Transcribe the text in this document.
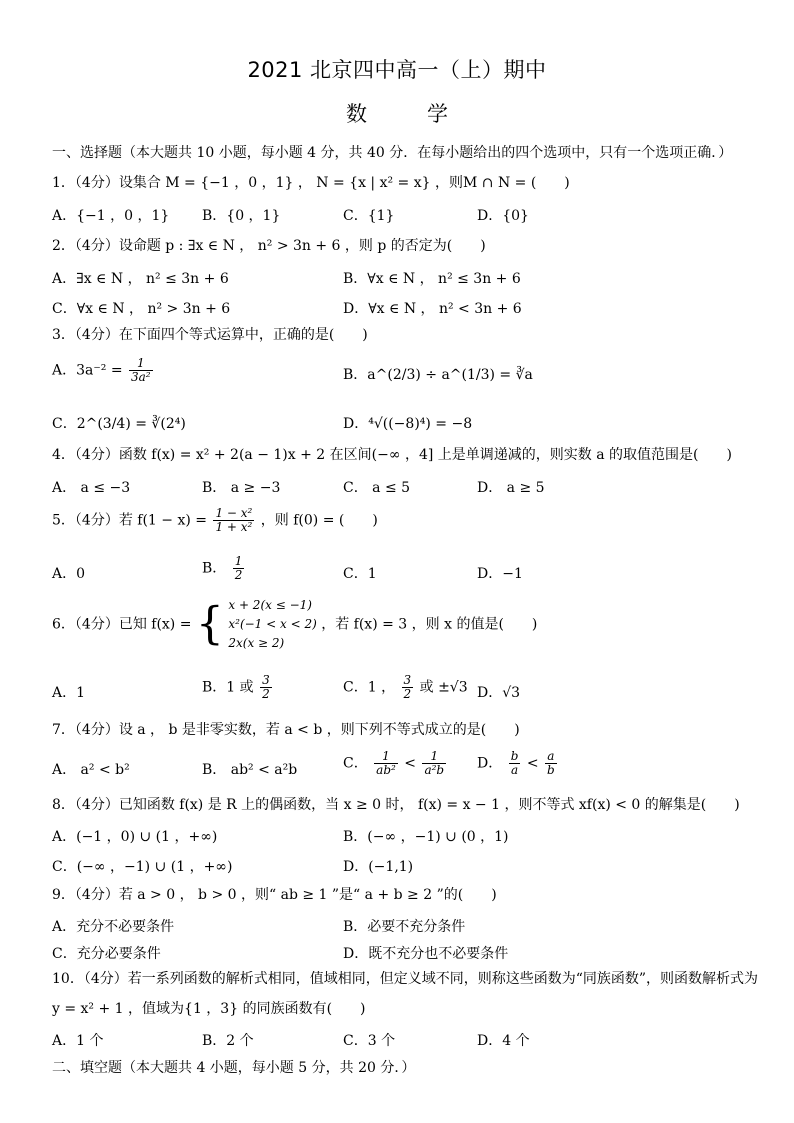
2021 北京四中高一（上）期中
数学
一、选择题（本大题共 10 小题，每小题 4 分，共 40 分．在每小题给出的四个选项中，只有一个选项正确．）
1．（4分）设集合 M = {−1 ，0 ，1} ， N = {x | x² = x} ，则M ∩ N = (　　)
A．{−1 ，0 ，1} B．{0 ，1}	C．{1}	D．{0}
2．（4分）设命题 p : ∃x ∈ N ， n² > 3n + 6 ，则 p 的否定为(　　)
A．∃x ∈ N ， n² ≤ 3n + 6	B．∀x ∈ N ， n² ≤ 3n + 6
C．∀x ∈ N ， n² > 3n + 6	D．∀x ∈ N ， n² < 3n + 6
3．（4分）在下面四个等式运算中，正确的是(　　)
A．$3a^{-2} = \frac{1}{\text{3a²}}$	B．a^(2/3) ÷ a^(1/3) = ∛a
C．2^(3/4) = ∛(2⁴)	D．⁴√((−8)⁴) = −8
4．（4分）函数 f(x) = x² + 2(a − 1)x + 2 在区间(−∞ ，4] 上是单调递减的，则实数 a 的取值范围是(　　)
A． a ≤ −3	B． a ≥ −3	C． a ≤ 5	D． a ≥ 5
5．（4分）若 $f(1 - x) = \frac{\text{1 − x²}}{\text{1 + x²}}$ ，则 f(0) = (　　)
A．0	B． $\frac{1}{2}$	C．1	D．−1
6．（4分）已知 f(x) = { x + 2(x ≤ −1)
x²(−1 < x < 2)
2x(x ≥ 2)
，若 f(x) = 3 ，则 x 的值是(　　)
A．1	B．1 或 $\frac{3}{2}$	C．1 ， $\frac{3}{2}$ 或 ±√3 D．√3
7．（4分）设 a ， b 是非零实数，若 a < b ，则下列不等式成立的是(　　)
A． a² < b²	B． ab² < a²b	C． $\frac{1}{\text{ab²}} < \frac{1}{\text{a²b}}$ D． $\frac{b}{a} < \frac{a}{b}$
8．（4分）已知函数 f(x) 是 R 上的偶函数，当 x ≥ 0 时， f(x) = x − 1 ，则不等式 xf(x) < 0 的解集是(　　)
A．(−1 ，0) ∪ (1 ，+∞)	B．(−∞ ，−1) ∪ (0 ，1)
C．(−∞ ，−1) ∪ (1 ，+∞)	D．(−1,1)
9．（4分）若 a > 0 ， b > 0 ，则“ ab ≥ 1 ”是“ a + b ≥ 2 ”的(　　)
A．充分不必要条件	B．必要不充分条件
C．充分必要条件	D．既不充分也不必要条件
10．（4分）若一系列函数的解析式相同，值域相同，但定义域不同，则称这些函数为“同族函数”，则函数解析式为
y = x² + 1 ，值域为{1 ，3} 的同族函数有(　　)
A．1 个	B．2 个	C．3 个	D．4 个
二、填空题（本大题共 4 小题，每小题 5 分，共 20 分．）
